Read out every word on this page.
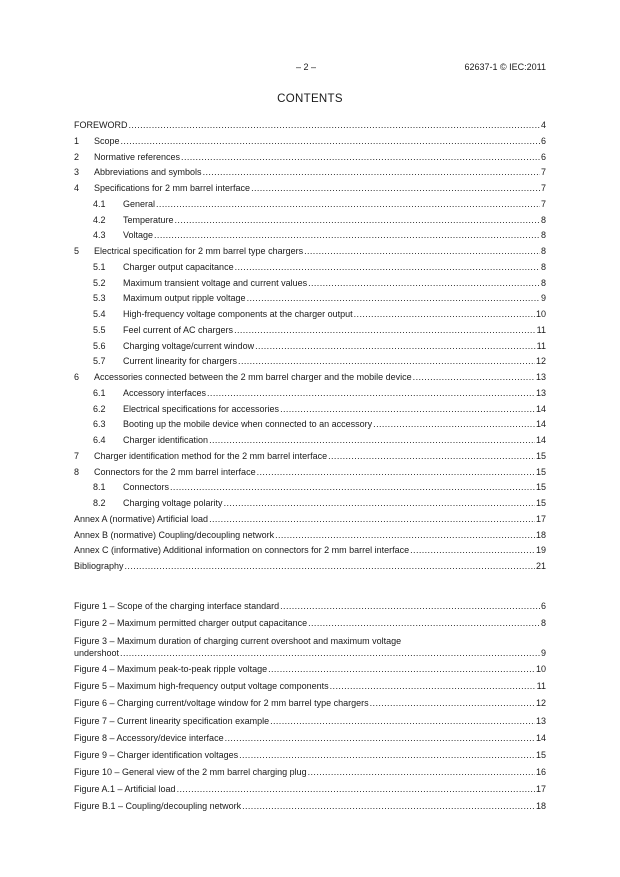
– 2 –	62637-1 © IEC:2011
CONTENTS
FOREWORD .....	4
1	Scope .....	6
2	Normative references .....	6
3	Abbreviations and symbols .....	7
4	Specifications for 2 mm barrel interface .....	7
4.1	General .....	7
4.2	Temperature .....	8
4.3	Voltage .....	8
5	Electrical specification for 2 mm barrel type chargers .....	8
5.1	Charger output capacitance .....	8
5.2	Maximum transient voltage and current values .....	8
5.3	Maximum output ripple voltage .....	9
5.4	High-frequency voltage components at the charger output .....	10
5.5	Feel current of AC chargers .....	11
5.6	Charging voltage/current window .....	11
5.7	Current linearity for chargers .....	12
6	Accessories connected between the 2 mm barrel charger and the mobile device .....	13
6.1	Accessory interfaces .....	13
6.2	Electrical specifications for accessories .....	14
6.3	Booting up the mobile device when connected to an accessory .....	14
6.4	Charger identification .....	14
7	Charger identification method for the 2 mm barrel interface .....	15
8	Connectors for the 2 mm barrel interface .....	15
8.1	Connectors .....	15
8.2	Charging voltage polarity .....	15
Annex A (normative) Artificial load .....	17
Annex B (normative) Coupling/decoupling network .....	18
Annex C (informative) Additional information on connectors for 2 mm barrel interface .....	19
Bibliography .....	21
Figure 1 – Scope of the charging interface standard .....	6
Figure 2 – Maximum permitted charger output capacitance .....	8
Figure 3 – Maximum duration of charging current overshoot and maximum voltage
undershoot .....	9
Figure 4 – Maximum peak-to-peak ripple voltage .....	10
Figure 5 – Maximum high-frequency output voltage components .....	11
Figure 6 – Charging current/voltage window for 2 mm barrel type chargers .....	12
Figure 7 – Current linearity specification example .....	13
Figure 8 – Accessory/device interface .....	14
Figure 9 – Charger identification voltages .....	15
Figure 10 – General view of the 2 mm barrel charging plug .....	16
Figure A.1 – Artificial load .....	17
Figure B.1 – Coupling/decoupling network .....	18
